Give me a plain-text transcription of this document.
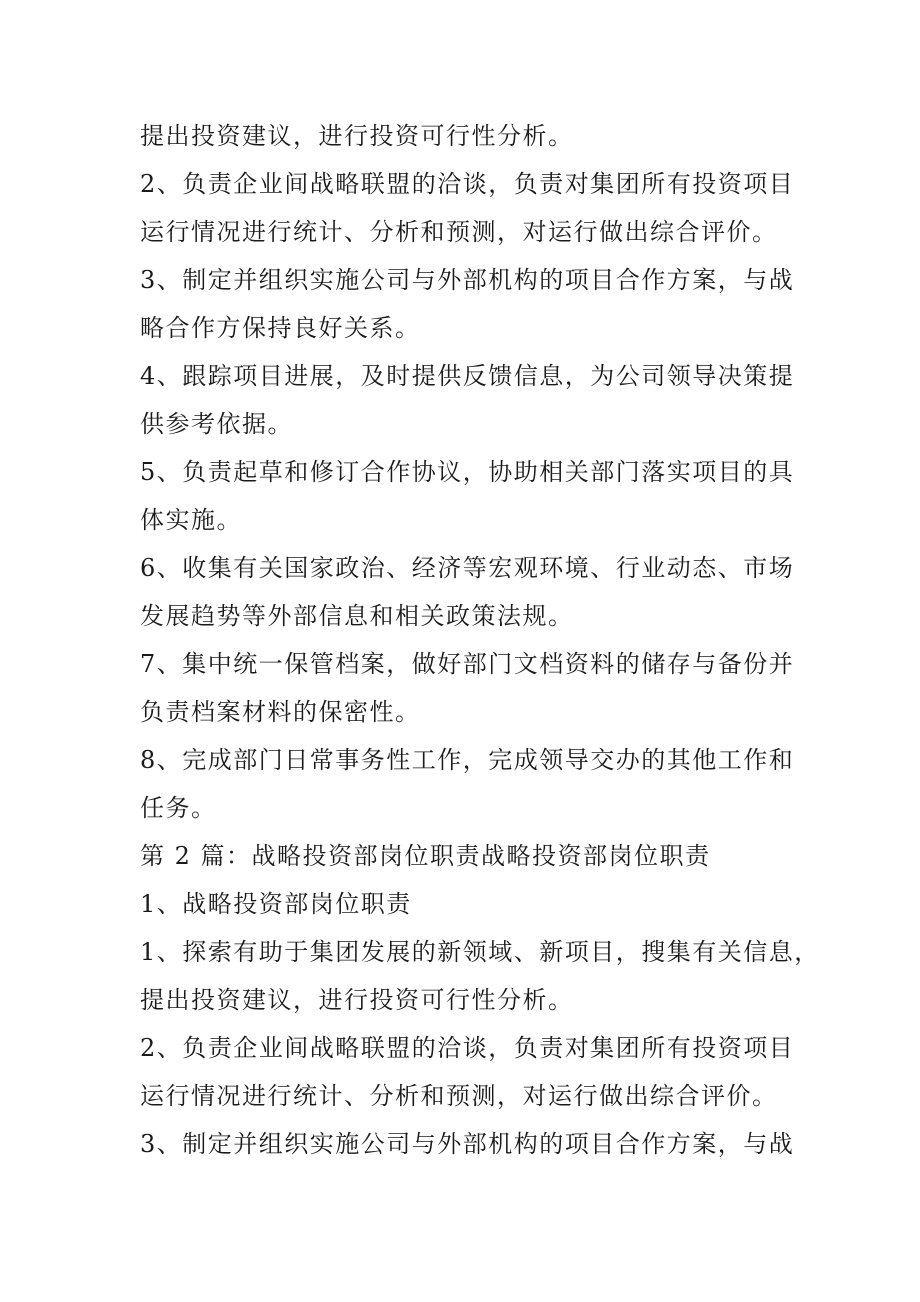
提出投资建议，进行投资可行性分析。
2、负责企业间战略联盟的洽谈，负责对集团所有投资项目
运行情况进行统计、分析和预测，对运行做出综合评价。
3、制定并组织实施公司与外部机构的项目合作方案，与战
略合作方保持良好关系。
4、跟踪项目进展，及时提供反馈信息，为公司领导决策提
供参考依据。
5、负责起草和修订合作协议，协助相关部门落实项目的具
体实施。
6、收集有关国家政治、经济等宏观环境、行业动态、市场
发展趋势等外部信息和相关政策法规。
7、集中统一保管档案，做好部门文档资料的储存与备份并
负责档案材料的保密性。
8、完成部门日常事务性工作，完成领导交办的其他工作和
任务。
第 2 篇：战略投资部岗位职责战略投资部岗位职责
1、战略投资部岗位职责
1、探索有助于集团发展的新领域、新项目，搜集有关信息，
提出投资建议，进行投资可行性分析。
2、负责企业间战略联盟的洽谈，负责对集团所有投资项目
运行情况进行统计、分析和预测，对运行做出综合评价。
3、制定并组织实施公司与外部机构的项目合作方案，与战
